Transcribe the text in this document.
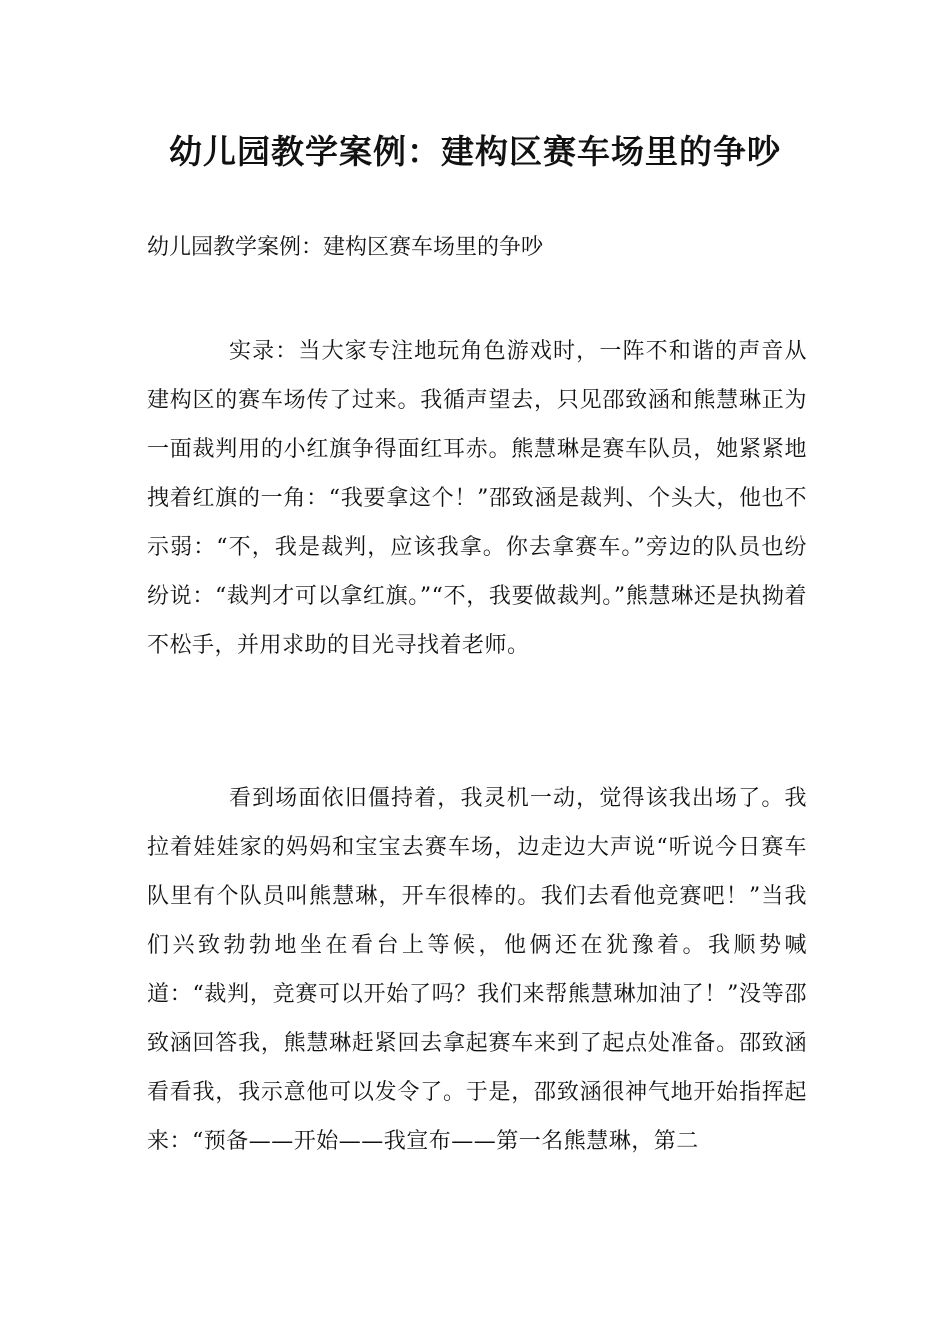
幼儿园教学案例：建构区赛车场里的争吵

幼儿园教学案例：建构区赛车场里的争吵

实录：当大家专注地玩角色游戏时，一阵不和谐的声音从建构区的赛车场传了过来。我循声望去，只见邵致涵和熊慧琳正为一面裁判用的小红旗争得面红耳赤。熊慧琳是赛车队员，她紧紧地拽着红旗的一角：“我要拿这个！”邵致涵是裁判、个头大，他也不示弱：“不，我是裁判，应该我拿。你去拿赛车。”旁边的队员也纷纷说：“裁判才可以拿红旗。”“不，我要做裁判。”熊慧琳还是执拗着不松手，并用求助的目光寻找着老师。

看到场面依旧僵持着，我灵机一动，觉得该我出场了。我拉着娃娃家的妈妈和宝宝去赛车场，边走边大声说“听说今日赛车队里有个队员叫熊慧琳，开车很棒的。我们去看他竞赛吧！”当我们兴致勃勃地坐在看台上等候，他俩还在犹豫着。我顺势喊道：“裁判，竞赛可以开始了吗？我们来帮熊慧琳加油了！”没等邵致涵回答我，熊慧琳赶紧回去拿起赛车来到了起点处准备。邵致涵看看我，我示意他可以发令了。于是，邵致涵很神气地开始指挥起来：“预备——开始——我宣布——第一名熊慧琳，第二
